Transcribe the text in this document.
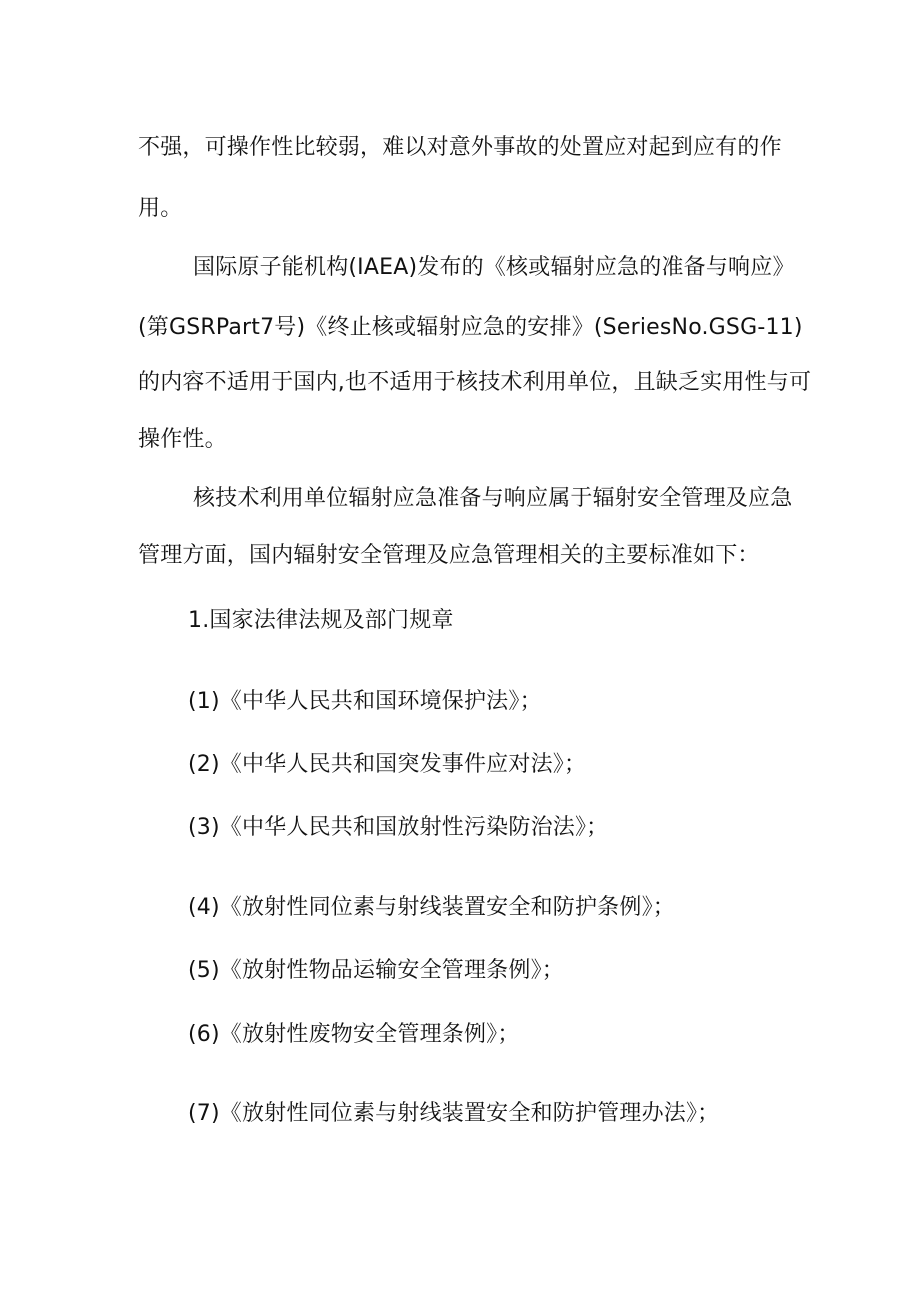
不强，可操作性比较弱，难以对意外事故的处置应对起到应有的作
用。
国际原子能机构(IAEA)发布的《核或辐射应急的准备与响应》
(第GSRPart7号)《终止核或辐射应急的安排》(SeriesNo.GSG-11)
的内容不适用于国内,也不适用于核技术利用单位，且缺乏实用性与可
操作性。
核技术利用单位辐射应急准备与响应属于辐射安全管理及应急
管理方面，国内辐射安全管理及应急管理相关的主要标准如下：
1.国家法律法规及部门规章
(1)《中华人民共和国环境保护法》；
(2)《中华人民共和国突发事件应对法》；
(3)《中华人民共和国放射性污染防治法》；
(4)《放射性同位素与射线装置安全和防护条例》；
(5)《放射性物品运输安全管理条例》；
(6)《放射性废物安全管理条例》；
(7)《放射性同位素与射线装置安全和防护管理办法》；
